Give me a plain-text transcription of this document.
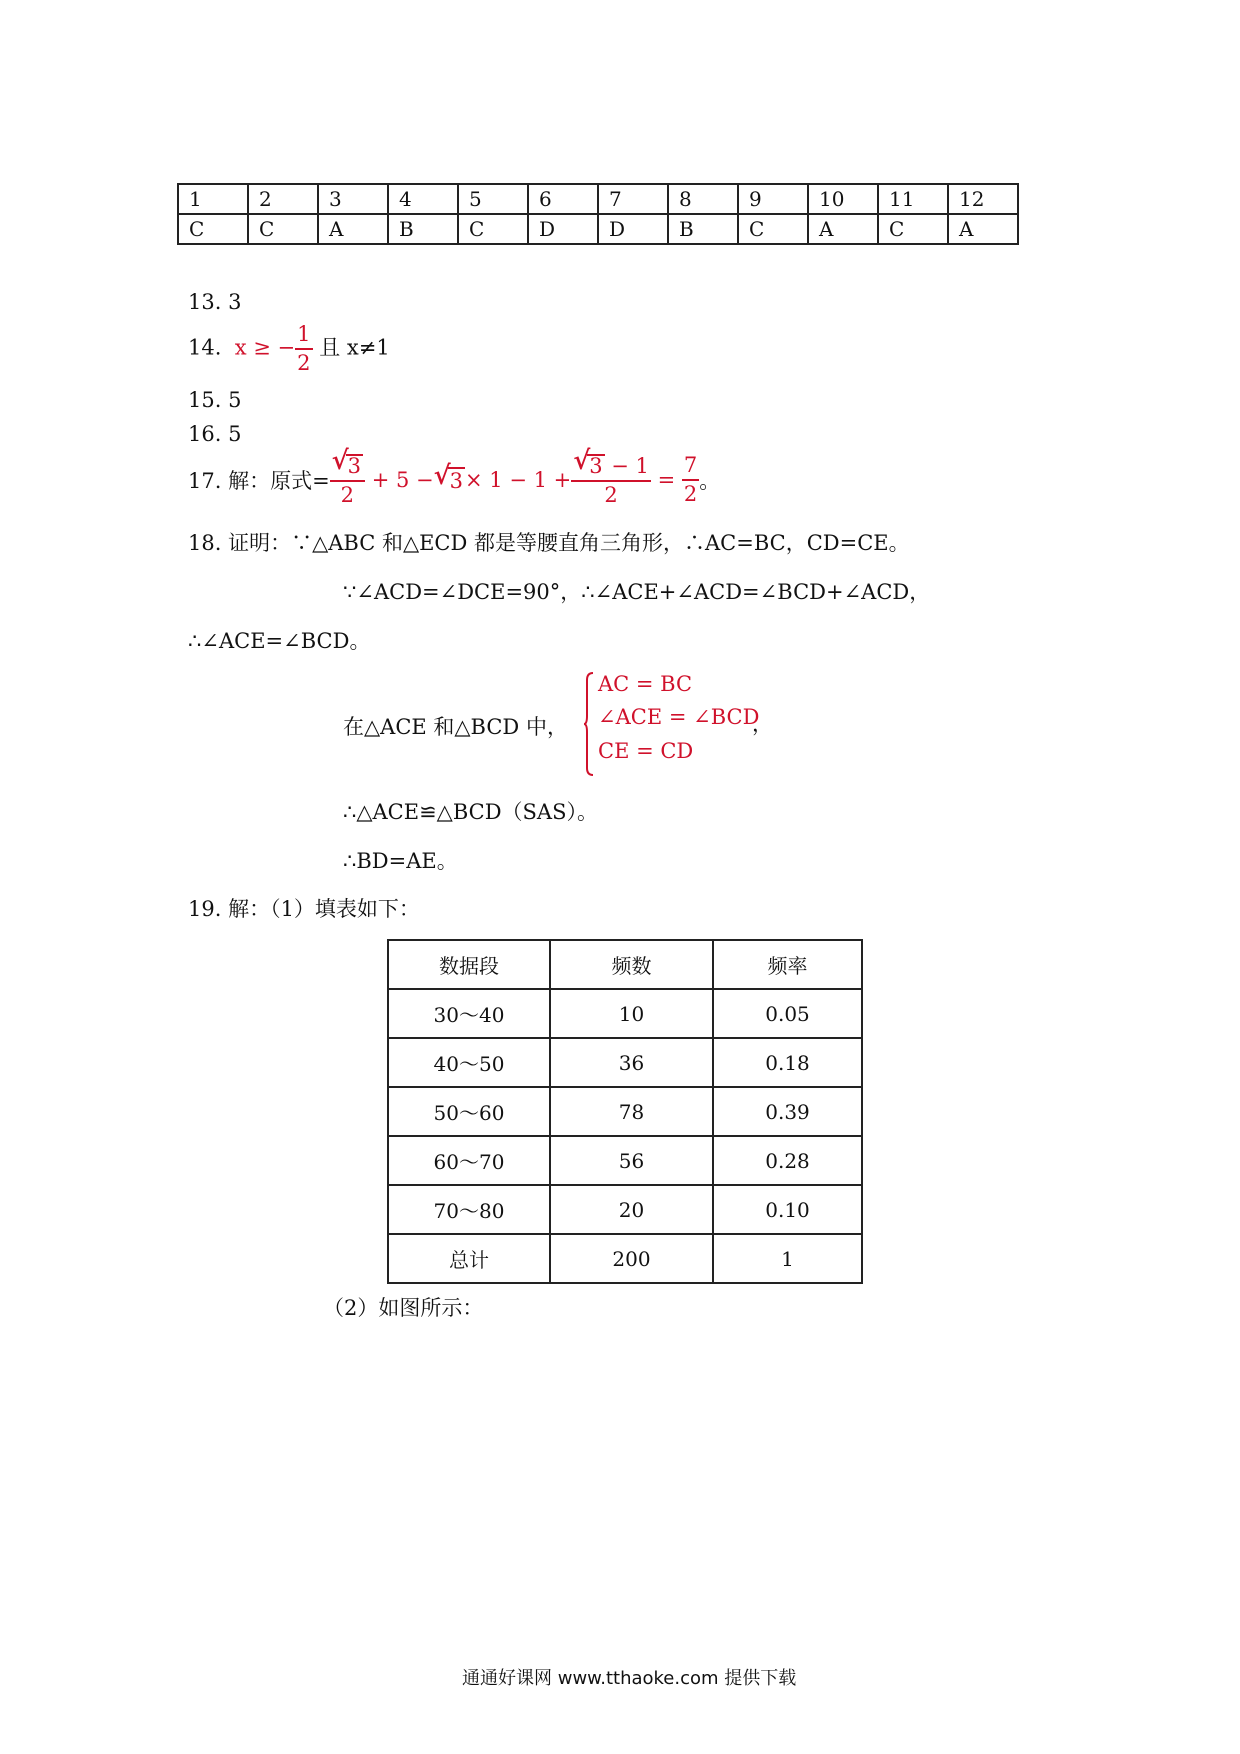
1	2	3	4	5	6	7	8	9	10	11	12
C	C	A	B	C	D	D	B	C	A	C	A
13. 3
14. x ≥ − $\frac{1}{2}$ 且 x≠1
15. 5
16. 5
17. 解：原式= √
3
2 + 5 − √
3× 1 − 1 + √
3 − 1
$2 = \frac{7}{2}$ 。
18. 证明：∵△ABC 和△ECD 都是等腰直角三角形，∴AC=BC，CD=CE。
∵∠ACD=∠DCE=90°，∴∠ACE+∠ACD=∠BCD+∠ACD，
∴∠ACE=∠BCD。
在△ACE 和△BCD 中，
AC = BC
∠ACE = ∠BCD
，
CE = CD
∴△ACE≌△BCD（SAS）。
∴BD=AE。
19. 解：（1）填表如下：
数据段	频数	频率
30～40	10	0.05
40～50	36	0.18
50～60	78	0.39
60～70	56	0.28
70～80	20	0.10
总计	200	1
（2）如图所示：
通通好课网 www.tthaoke.com 提供下载
